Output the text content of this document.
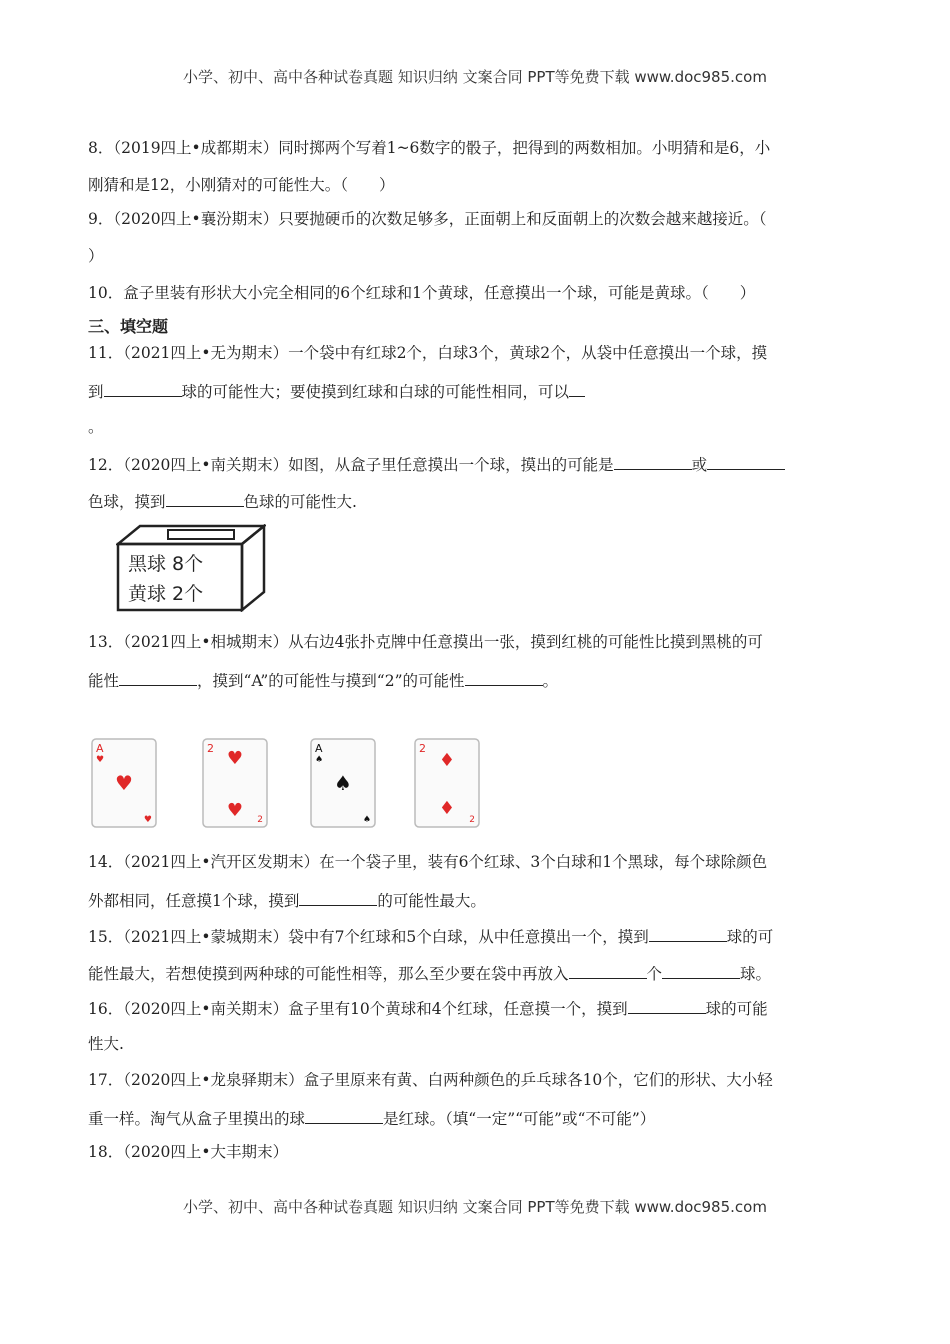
小学、初中、高中各种试卷真题 知识归纳 文案合同 PPT等免费下载 www.doc985.com
8．（2019四上•成都期末）同时掷两个写着1~6数字的骰子，把得到的两数相加。小明猜和是6，小
刚猜和是12，小刚猜对的可能性大。（　　）
9．（2020四上•襄汾期末）只要抛硬币的次数足够多，正面朝上和反面朝上的次数会越来越接近。（
）
10．盒子里装有形状大小完全相同的6个红球和1个黄球，任意摸出一个球，可能是黄球。（　　）
三、填空题
11．（2021四上•无为期末）一个袋中有红球2个，白球3个，黄球2个，从袋中任意摸出一个球，摸
到	球的可能性大；要使摸到红球和白球的可能性相同，可以
。
12．（2020四上•南关期末）如图，从盒子里任意摸出一个球，摸出的可能是	或
色球，摸到	色球的可能性大.
黑球 8个
黄球 2个
13．（2021四上•相城期末）从右边4张扑克牌中任意摸出一张，摸到红桃的可能性比摸到黑桃的可
能性	，摸到“A”的可能性与摸到“2”的可能性	。
A
♥
♥
♥
2 ♥
♥ 2
A
♠
♠
♠
2
♦
♦
2
14．（2021四上•汽开区发期末）在一个袋子里，装有6个红球、3个白球和1个黑球，每个球除颜色
外都相同，任意摸1个球，摸到	的可能性最大。
15．（2021四上•蒙城期末）袋中有7个红球和5个白球，从中任意摸出一个，摸到	球的可
能性最大，若想使摸到两种球的可能性相等，那么至少要在袋中再放入	个	球。
16．（2020四上•南关期末）盒子里有10个黄球和4个红球，任意摸一个，摸到	球的可能
性大.
17．（2020四上•龙泉驿期末）盒子里原来有黄、白两种颜色的乒乓球各10个，它们的形状、大小轻
重一样。淘气从盒子里摸出的球	是红球。（填“一定”“可能”或“不可能”）
18．（2020四上•大丰期末）
小学、初中、高中各种试卷真题 知识归纳 文案合同 PPT等免费下载 www.doc985.com
